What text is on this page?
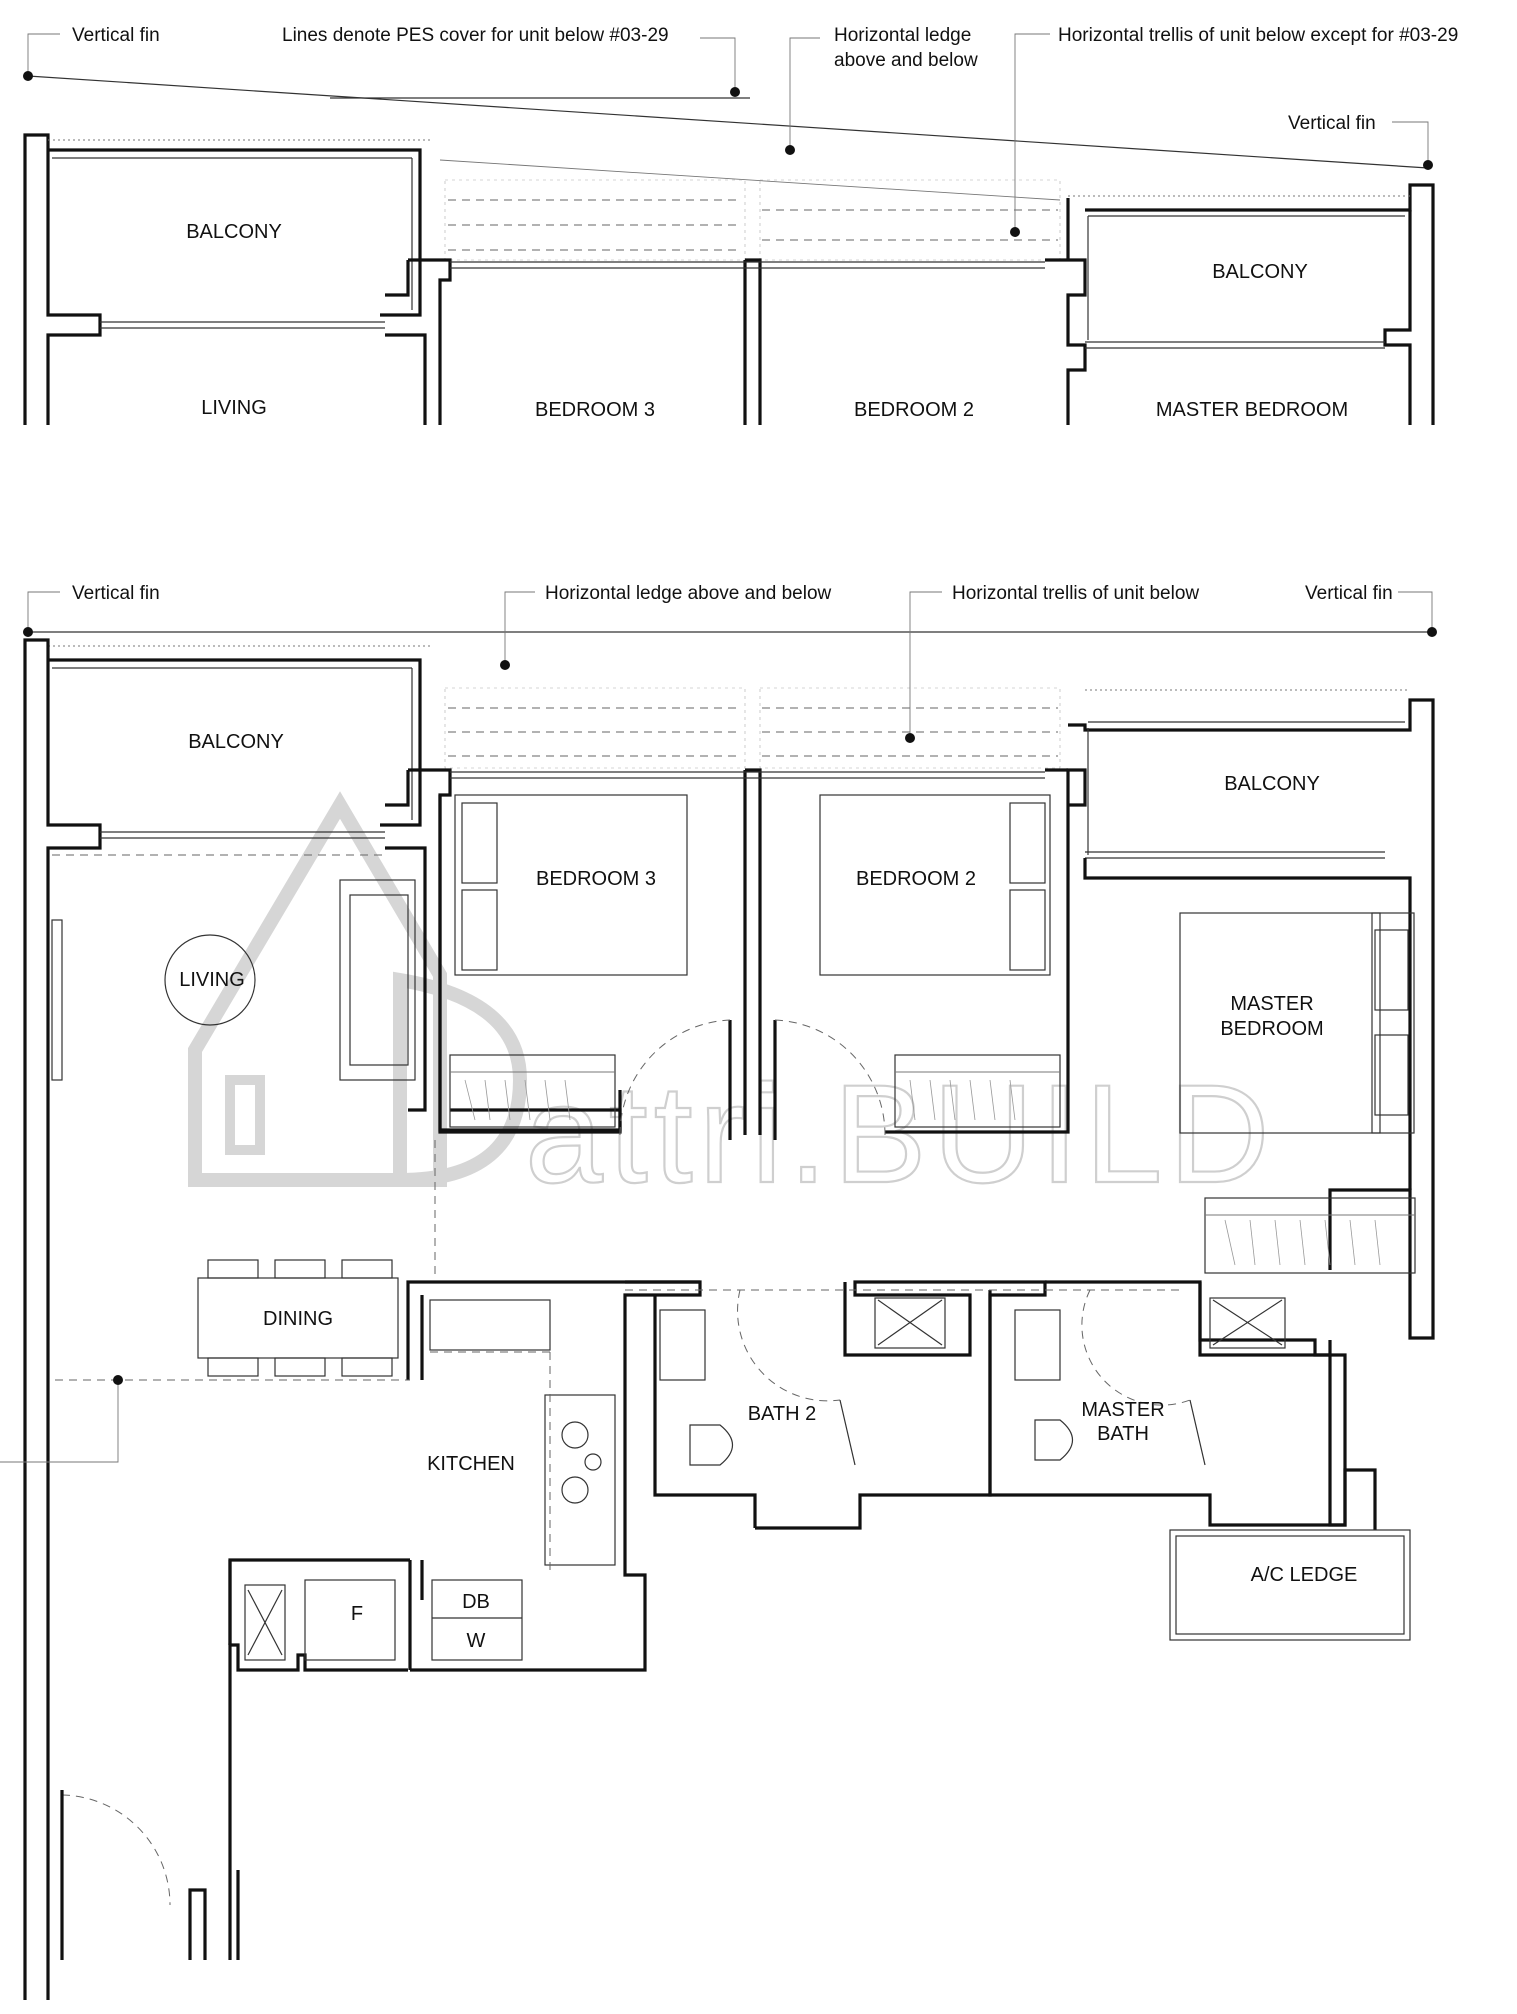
attri.BUILD
Vertical fin	Lines denote PES cover for unit below #03-29	Horizontal ledge
above and below
Horizontal trellis of unit below except for #03-29
Vertical fin
BALCONY
BALCONY
LIVING	BEDROOM 3	BEDROOM 2	MASTER BEDROOM
Vertical fin	Horizontal ledge above and below	Horizontal trellis of unit below	Vertical fin
BALCONY
BALCONY
BEDROOM 3	BEDROOM 2
LIVING
MASTER
BEDROOM
DINING
KITCHEN
BATH 2	MASTER
BATH
A/C LEDGE
F
DB
W
